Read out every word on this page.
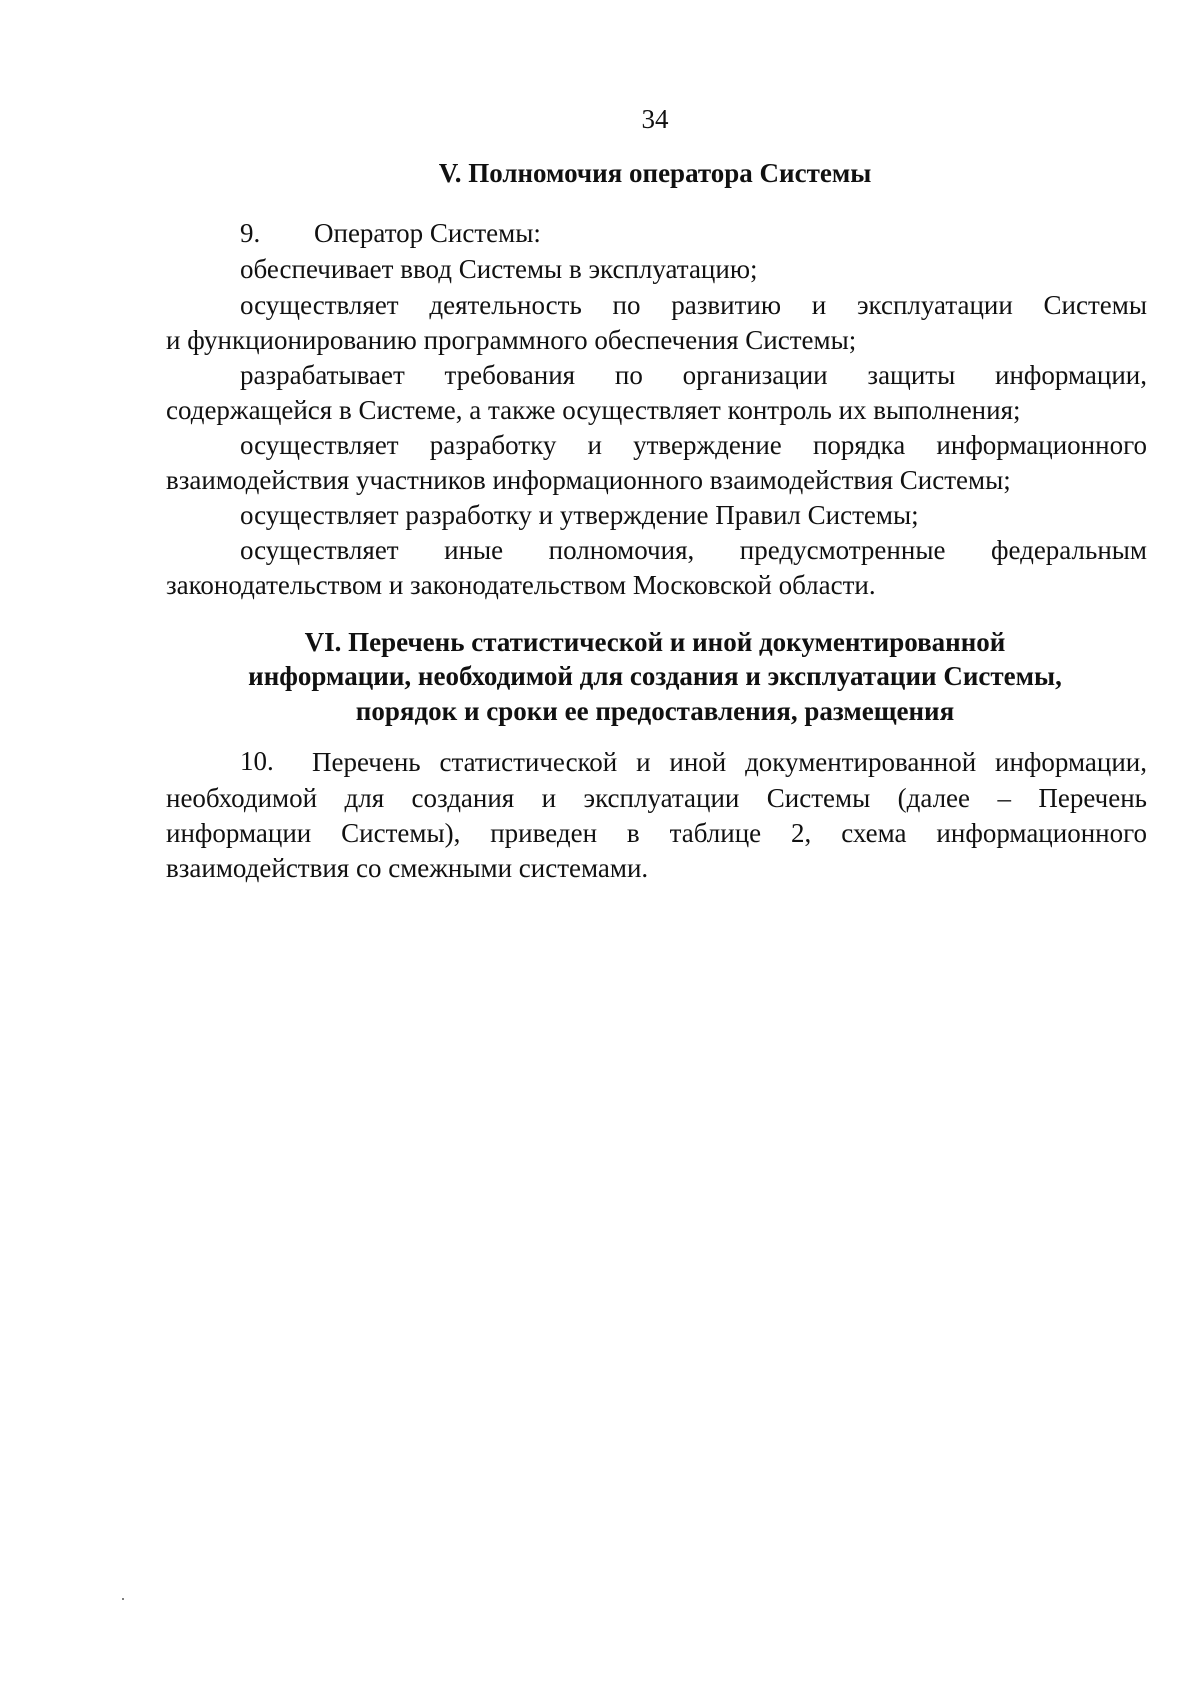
34
V. Полномочия оператора Системы
9. Оператор Системы:
обеспечивает ввод Системы в эксплуатацию;
осуществляет деятельность по развитию и эксплуатации Системы
и функционированию программного обеспечения Системы;
разрабатывает требования по организации защиты информации,
содержащейся в Системе, а также осуществляет контроль их выполнения;
осуществляет разработку и утверждение порядка информационного
взаимодействия участников информационного взаимодействия Системы;
осуществляет разработку и утверждение Правил Системы;
осуществляет иные полномочия, предусмотренные федеральным
законодательством и законодательством Московской области.
VI. Перечень статистической и иной документированной
информации, необходимой для создания и эксплуатации Системы,
порядок и сроки ее предоставления, размещения
10. Перечень статистической и иной документированной информации,
необходимой для создания и эксплуатации Системы (далее – Перечень
информации Системы), приведен в таблице 2, схема информационного
взаимодействия со смежными системами.
